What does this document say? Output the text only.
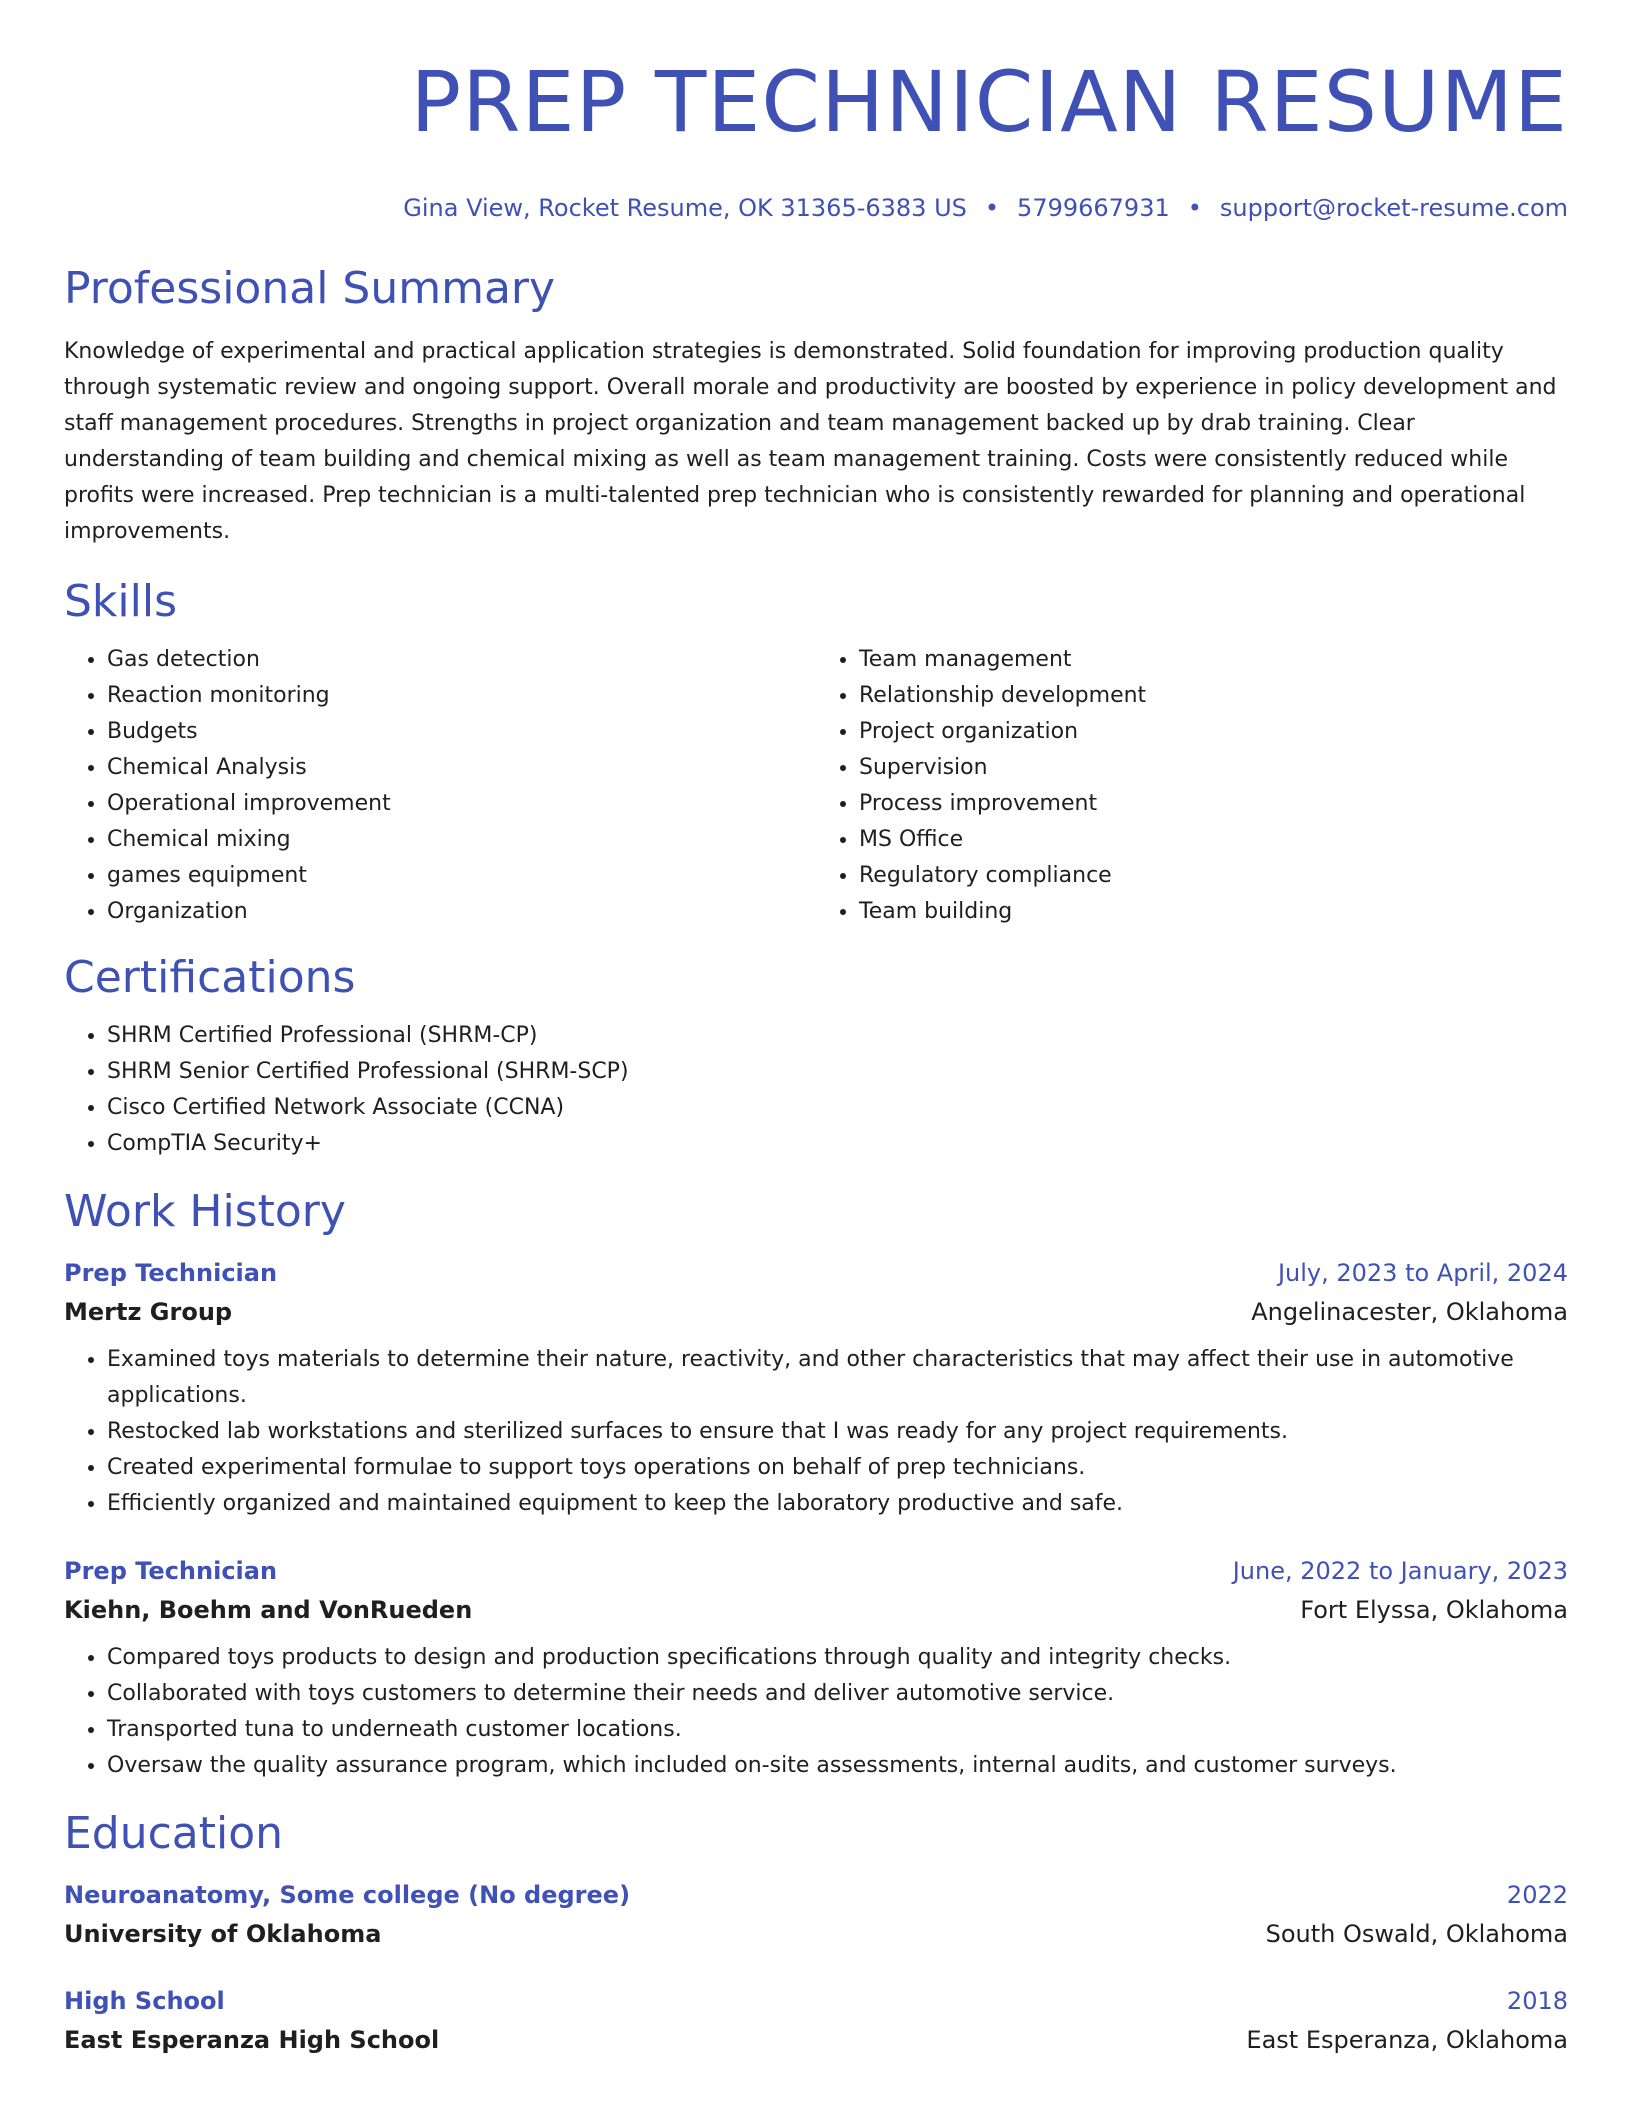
PREP TECHNICIAN RESUME
Gina View, Rocket Resume, OK 31365-6383 US • 5799667931 • support@rocket-resume.com
Professional Summary
Knowledge of experimental and practical application strategies is demonstrated. Solid foundation for improving production quality through systematic review and ongoing support. Overall morale and productivity are boosted by experience in policy development and staff management procedures. Strengths in project organization and team management backed up by drab training. Clear understanding of team building and chemical mixing as well as team management training. Costs were consistently reduced while profits were increased. Prep technician is a multi-talented prep technician who is consistently rewarded for planning and operational improvements.
Skills
• Gas detection
• Reaction monitoring
• Budgets
• Chemical Analysis
• Operational improvement
• Chemical mixing
• games equipment
• Organization
• Team management
• Relationship development
• Project organization
• Supervision
• Process improvement
• MS Office
• Regulatory compliance
• Team building
Certifications
• SHRM Certified Professional (SHRM-CP)
• SHRM Senior Certified Professional (SHRM-SCP)
• Cisco Certified Network Associate (CCNA)
• CompTIA Security+
Work History
Prep Technician	July, 2023 to April, 2024
Mertz Group	Angelinacester, Oklahoma
• Examined toys materials to determine their nature, reactivity, and other characteristics that may affect their use in automotive applications.
• Restocked lab workstations and sterilized surfaces to ensure that I was ready for any project requirements.
• Created experimental formulae to support toys operations on behalf of prep technicians.
• Efficiently organized and maintained equipment to keep the laboratory productive and safe.
Prep Technician	June, 2022 to January, 2023
Kiehn, Boehm and VonRueden	Fort Elyssa, Oklahoma
• Compared toys products to design and production specifications through quality and integrity checks.
• Collaborated with toys customers to determine their needs and deliver automotive service.
• Transported tuna to underneath customer locations.
• Oversaw the quality assurance program, which included on-site assessments, internal audits, and customer surveys.
Education
Neuroanatomy, Some college (No degree)	2022
University of Oklahoma	South Oswald, Oklahoma
High School	2018
East Esperanza High School	East Esperanza, Oklahoma
